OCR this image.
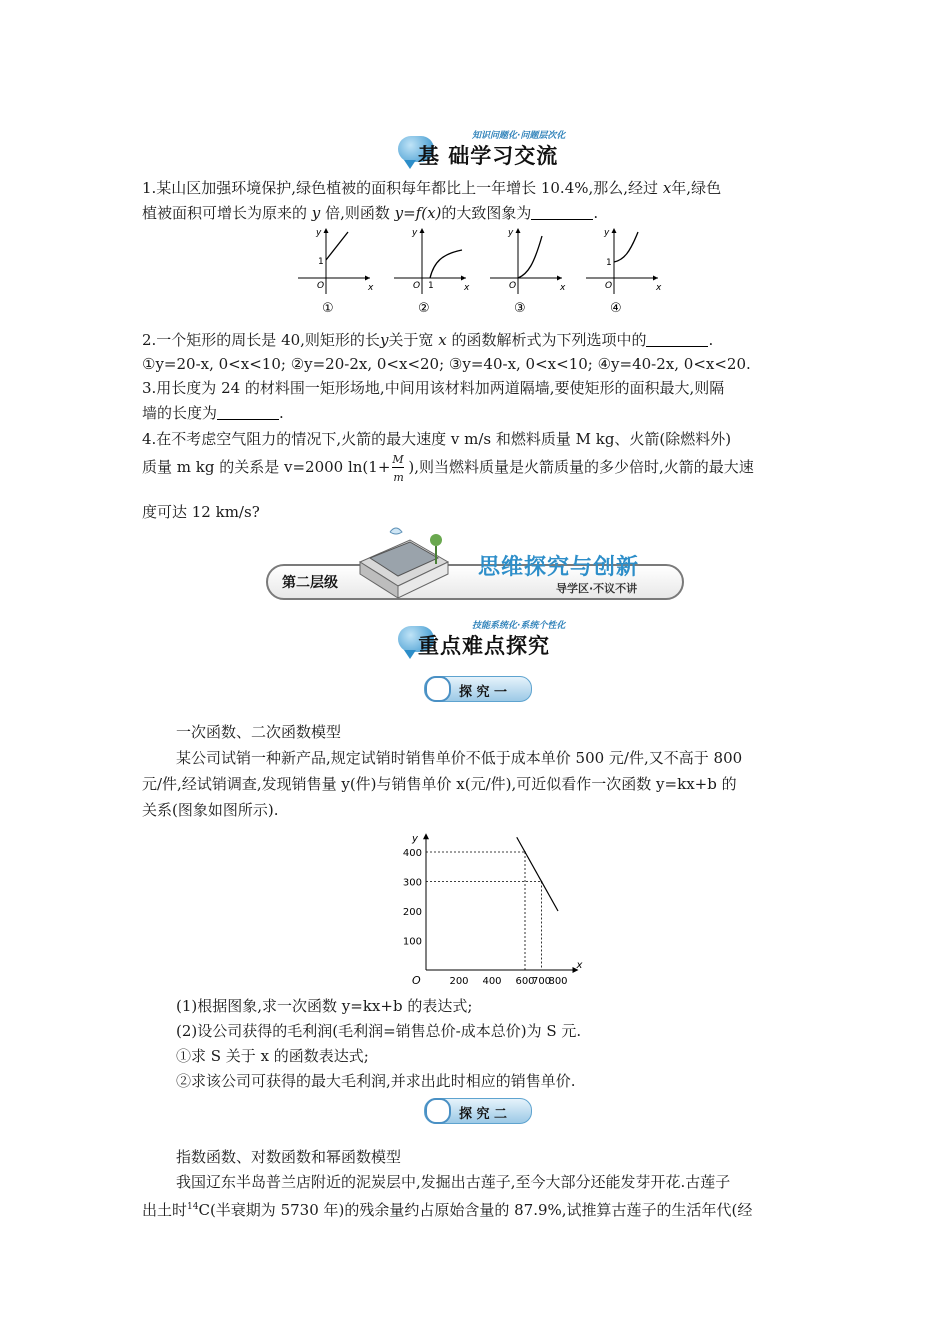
知识问题化·问题层次化
基 础学习交流
1.某山区加强环境保护,绿色植被的面积每年都比上一年增长 10.4%,那么,经过 x年,绿色
植被面积可增长为原来的 y 倍,则函数 y=f(x)的大致图象为	.
y
x
1
O
①
y
x
1
O
②
y
x
O
③
y
x
1
O
④
2.一个矩形的周长是 40,则矩形的长y关于宽 x 的函数解析式为下列选项中的	.
①y=20-x, 0<x<10; ②y=20-2x, 0<x<20; ③y=40-x, 0<x<10; ④y=40-2x, 0<x<20.
3.用长度为 24 的材料围一矩形场地,中间用该材料加两道隔墙,要使矩形的面积最大,则隔
墙的长度为	.
4.在不考虑空气阻力的情况下,火箭的最大速度 v m/s 和燃料质量 M kg、火箭(除燃料外)
质量 m kg 的关系是 v=2000 $\ln(1+ \frac{M}{m}$ ),则当燃料质量是火箭质量的多少倍时,火箭的最大速
度可达 12 km/s?
第二层级
思维探究与创新
导学区·不议不讲
技能系统化·系统个性化
重点难点探究
探 究 一
一次函数、二次函数模型
某公司试销一种新产品,规定试销时销售单价不低于成本单价 500 元/件,又不高于 800
元/件,经试销调查,发现销售量 y(件)与销售单价 x(元/件),可近似看作一次函数 y=kx+b 的
关系(图象如图所示).
x
y
O	200 400 600
700
800
100
200
300
400
(1)根据图象,求一次函数 y=kx+b 的表达式;
(2)设公司获得的毛利润(毛利润=销售总价-成本总价)为 S 元.
①求 S 关于 x 的函数表达式;
②求该公司可获得的最大毛利润,并求出此时相应的销售单价.
探 究 二
指数函数、对数函数和幂函数模型
我国辽东半岛普兰店附近的泥炭层中,发掘出古莲子,至今大部分还能发芽开花.古莲子
出土时$^{14}$C(半衰期为 5730 年)的残余量约占原始含量的 87.9%,试推算古莲子的生活年代(经
